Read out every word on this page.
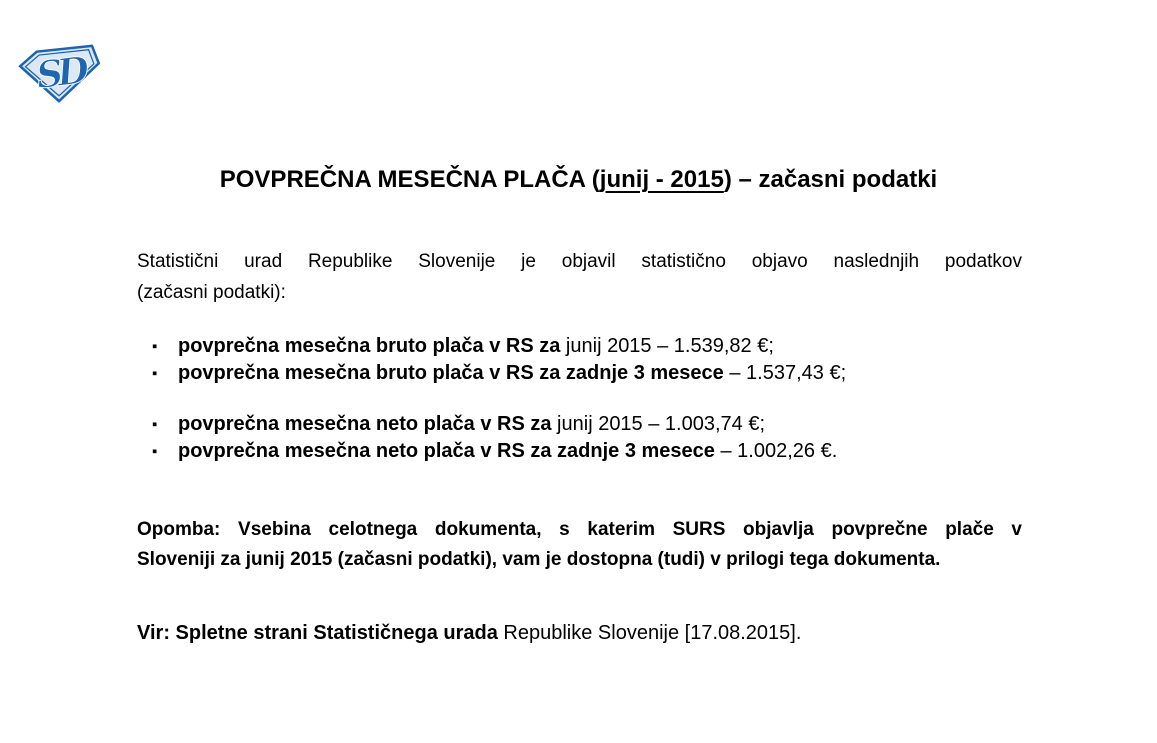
SD
POVPREČNA MESEČNA PLAČA (junij - 2015) – začasni podatki
Statistični urad Republike Slovenije je objavil statistično objavo naslednjih podatkov
(začasni podatki):
▪ povprečna mesečna bruto plača v RS za junij 2015 – 1.539,82 €;
▪ povprečna mesečna bruto plača v RS za zadnje 3 mesece – 1.537,43 €;
▪ povprečna mesečna neto plača v RS za junij 2015 – 1.003,74 €;
▪ povprečna mesečna neto plača v RS za zadnje 3 mesece – 1.002,26 €.
Opomba: Vsebina celotnega dokumenta, s katerim SURS objavlja povprečne plače v
Sloveniji za junij 2015 (začasni podatki), vam je dostopna (tudi) v prilogi tega dokumenta.
Vir: Spletne strani Statističnega urada Republike Slovenije [17.08.2015].
